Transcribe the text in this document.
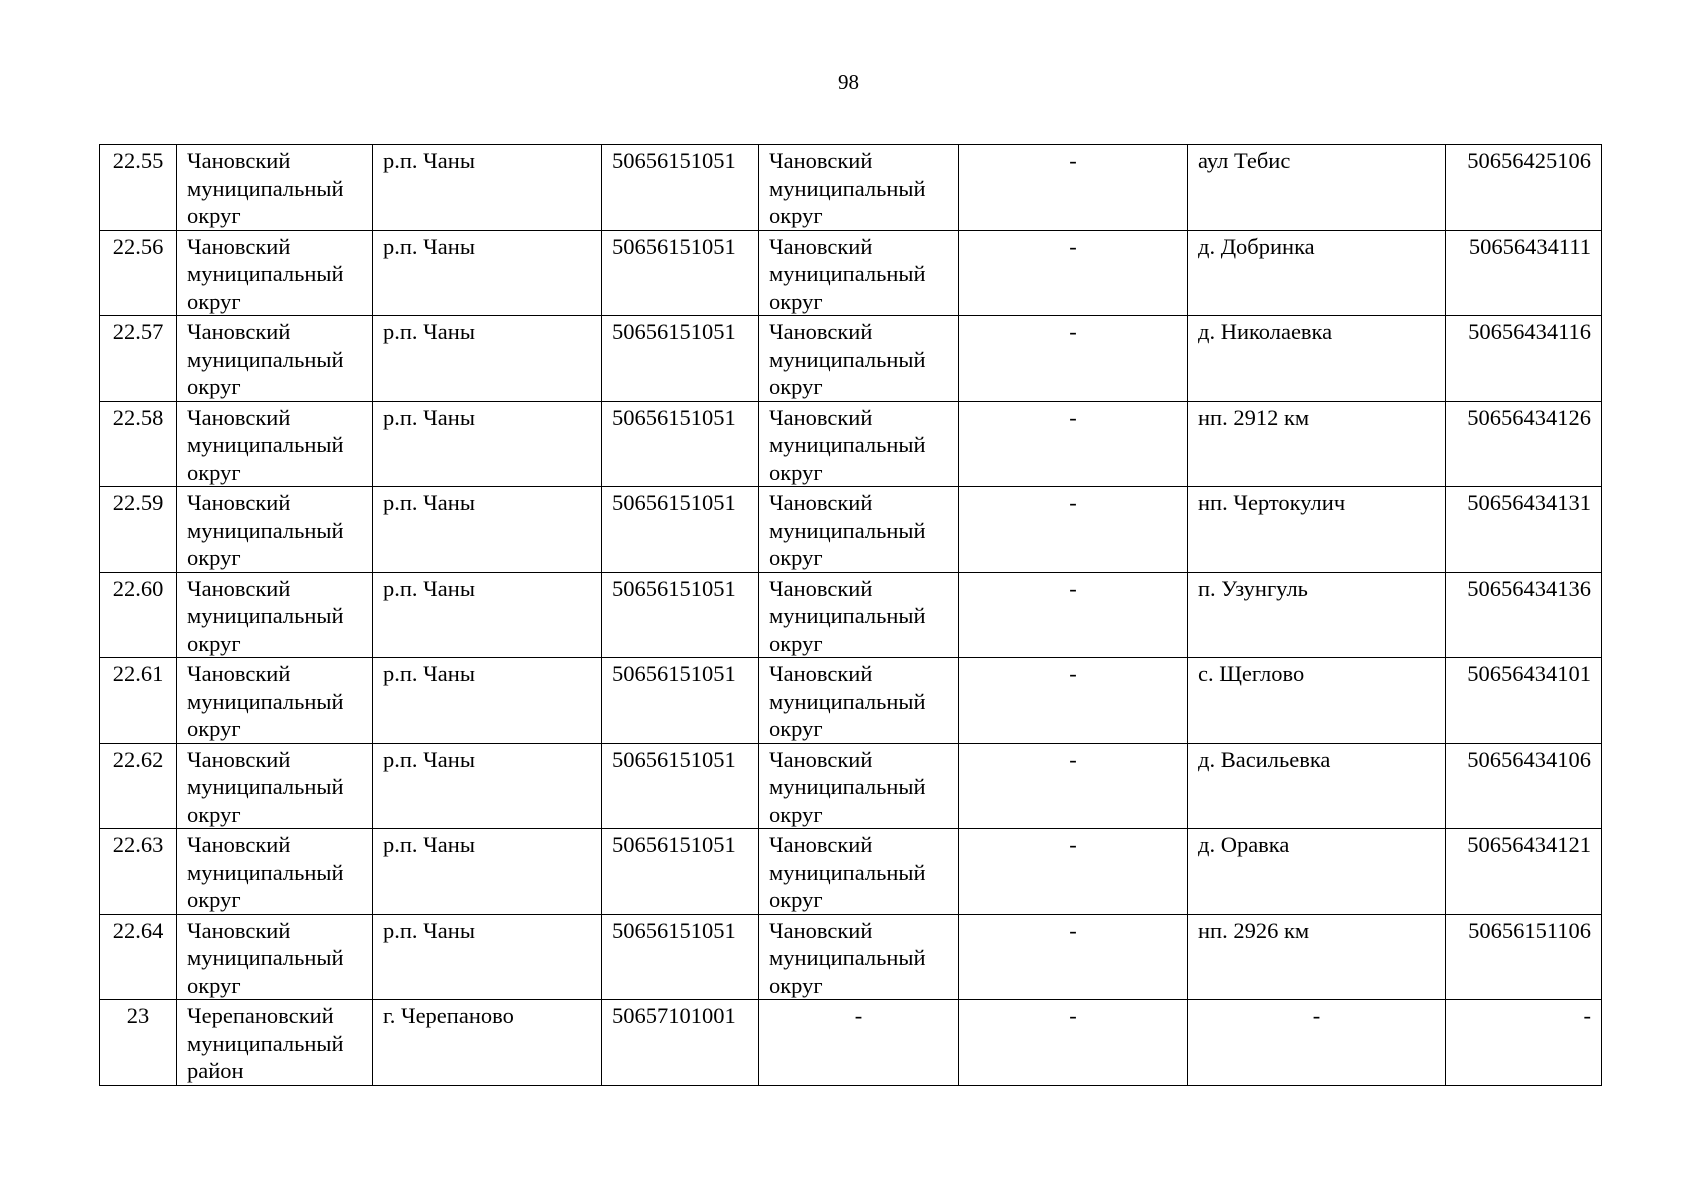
98
22.55	Чановский муниципальный округ	р.п. Чаны	50656151051	Чановский муниципальный округ	-	аул Тебис	50656425106
22.56	Чановский муниципальный округ	р.п. Чаны	50656151051	Чановский муниципальный округ	-	д. Добринка	50656434111
22.57	Чановский муниципальный округ	р.п. Чаны	50656151051	Чановский муниципальный округ	-	д. Николаевка	50656434116
22.58	Чановский муниципальный округ	р.п. Чаны	50656151051	Чановский муниципальный округ	-	нп. 2912 км	50656434126
22.59	Чановский муниципальный округ	р.п. Чаны	50656151051	Чановский муниципальный округ	-	нп. Чертокулич	50656434131
22.60	Чановский муниципальный округ	р.п. Чаны	50656151051	Чановский муниципальный округ	-	п. Узунгуль	50656434136
22.61	Чановский муниципальный округ	р.п. Чаны	50656151051	Чановский муниципальный округ	-	с. Щеглово	50656434101
22.62	Чановский муниципальный округ	р.п. Чаны	50656151051	Чановский муниципальный округ	-	д. Васильевка	50656434106
22.63	Чановский муниципальный округ	р.п. Чаны	50656151051	Чановский муниципальный округ	-	д. Оравка	50656434121
22.64	Чановский муниципальный округ	р.п. Чаны	50656151051	Чановский муниципальный округ	-	нп. 2926 км	50656151106
23	Черепановский муниципальный район	г. Черепаново	50657101001	-	-	-	-
